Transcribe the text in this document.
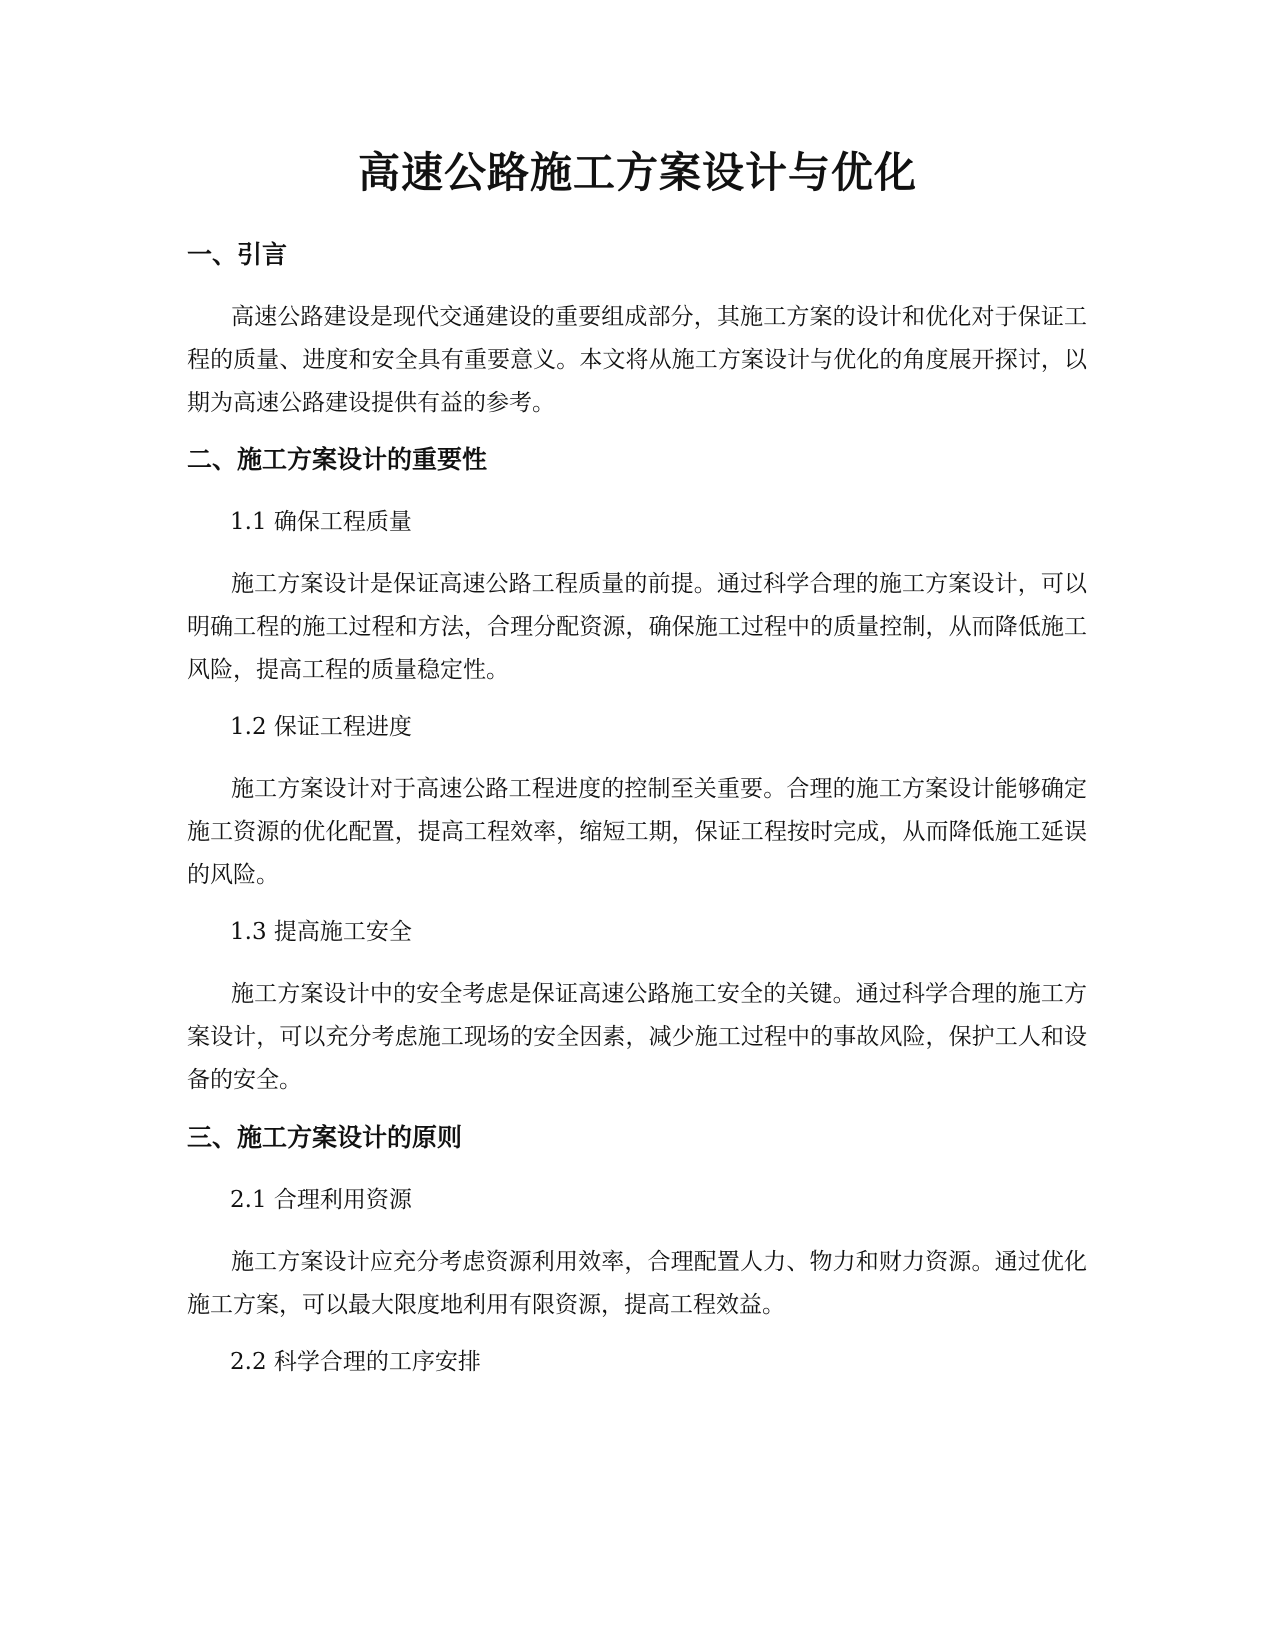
高速公路施工方案设计与优化
一、引言

高速公路建设是现代交通建设的重要组成部分，其施工方案的设计和优化对于保证工程的质量、进度和安全具有重要意义。本文将从施工方案设计与优化的角度展开探讨，以期为高速公路建设提供有益的参考。

二、施工方案设计的重要性

1.1 确保工程质量

施工方案设计是保证高速公路工程质量的前提。通过科学合理的施工方案设计，可以明确工程的施工过程和方法，合理分配资源，确保施工过程中的质量控制，从而降低施工风险，提高工程的质量稳定性。

1.2 保证工程进度

施工方案设计对于高速公路工程进度的控制至关重要。合理的施工方案设计能够确定施工资源的优化配置，提高工程效率，缩短工期，保证工程按时完成，从而降低施工延误的风险。

1.3 提高施工安全

施工方案设计中的安全考虑是保证高速公路施工安全的关键。通过科学合理的施工方案设计，可以充分考虑施工现场的安全因素，减少施工过程中的事故风险，保护工人和设备的安全。

三、施工方案设计的原则

2.1 合理利用资源

施工方案设计应充分考虑资源利用效率，合理配置人力、物力和财力资源。通过优化施工方案，可以最大限度地利用有限资源，提高工程效益。

2.2 科学合理的工序安排
